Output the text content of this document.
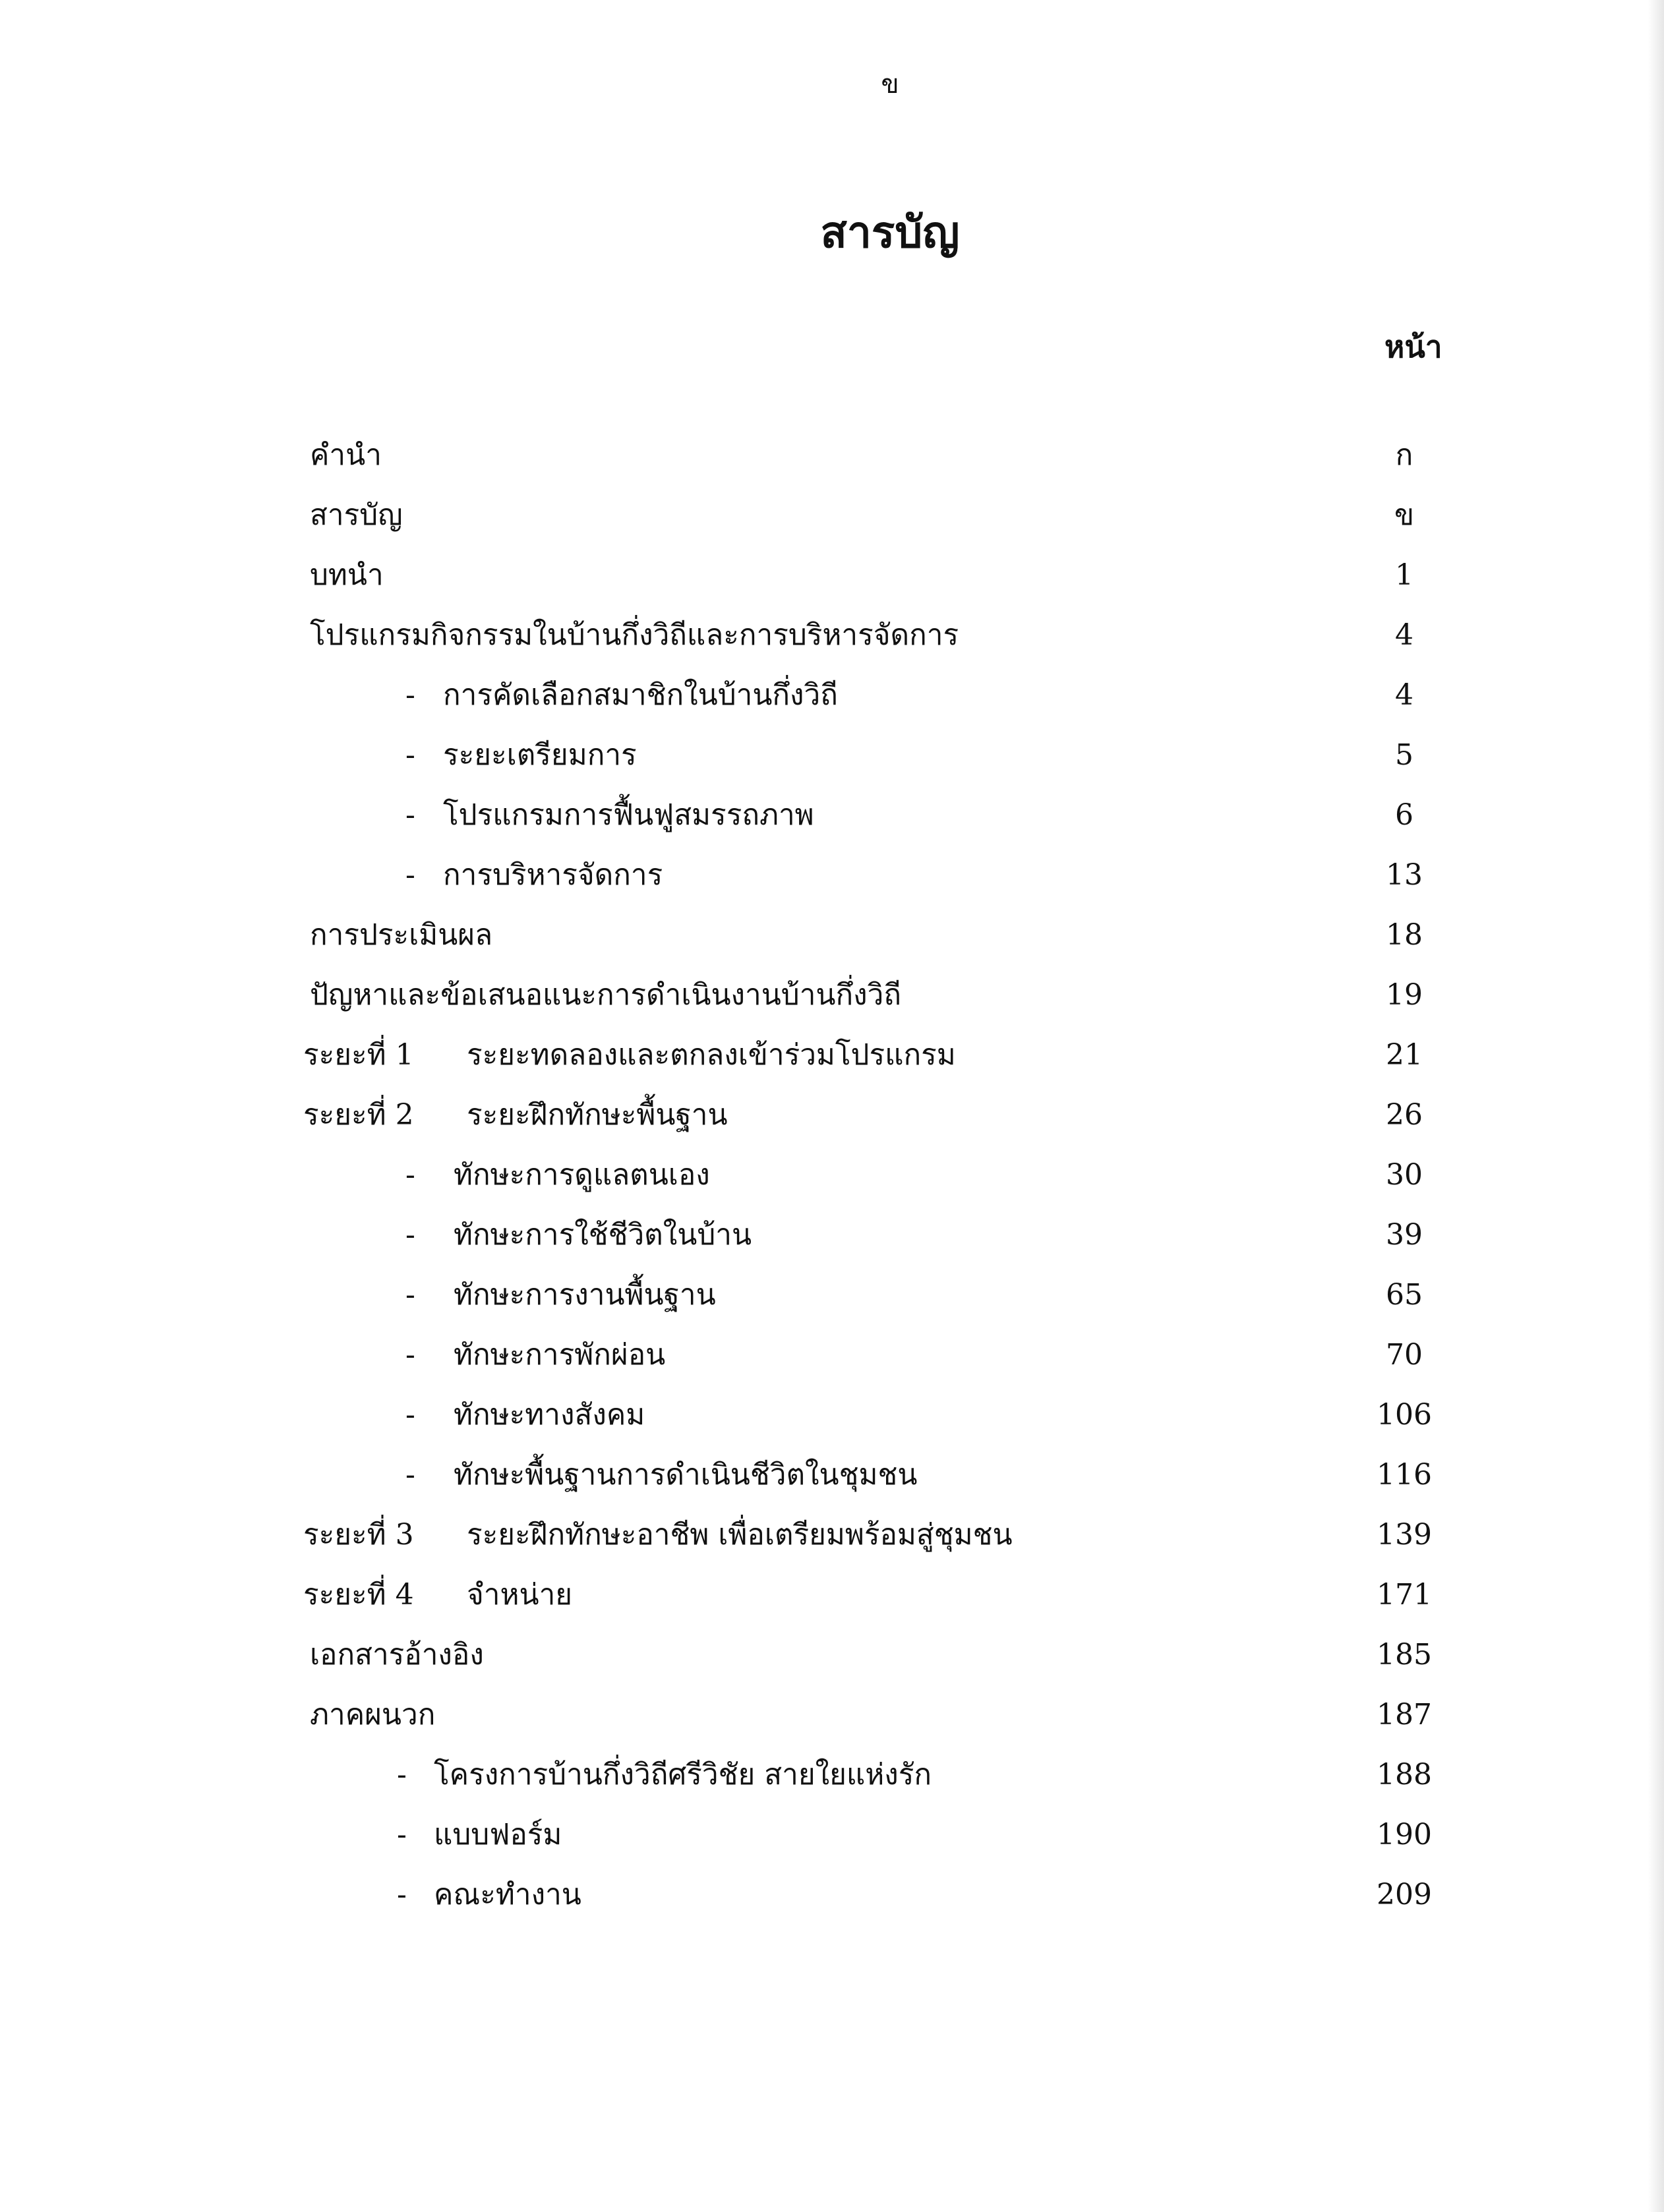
ข
สารบัญ
หน้า
คำนำ	ก
สารบัญ	ข
บทนำ	1
โปรแกรมกิจกรรมในบ้านกึ่งวิถีและการบริหารจัดการ	4
- การคัดเลือกสมาชิกในบ้านกึ่งวิถี	4
- ระยะเตรียมการ	5
- โปรแกรมการฟื้นฟูสมรรถภาพ	6
- การบริหารจัดการ	13
การประเมินผล	18
ปัญหาและข้อเสนอแนะการดำเนินงานบ้านกึ่งวิถี	19
ระยะที่ 1 ระยะทดลองและตกลงเข้าร่วมโปรแกรม	21
ระยะที่ 2 ระยะฝึกทักษะพื้นฐาน	26
- ทักษะการดูแลตนเอง	30
- ทักษะการใช้ชีวิตในบ้าน	39
- ทักษะการงานพื้นฐาน	65
- ทักษะการพักผ่อน	70
- ทักษะทางสังคม	106
- ทักษะพื้นฐานการดำเนินชีวิตในชุมชน	116
ระยะที่ 3 ระยะฝึกทักษะอาชีพ เพื่อเตรียมพร้อมสู่ชุมชน	139
ระยะที่ 4 จำหน่าย	171
เอกสารอ้างอิง	185
ภาคผนวก	187
- โครงการบ้านกึ่งวิถีศรีวิชัย สายใยแห่งรัก	188
- แบบฟอร์ม	190
- คณะทำงาน	209
